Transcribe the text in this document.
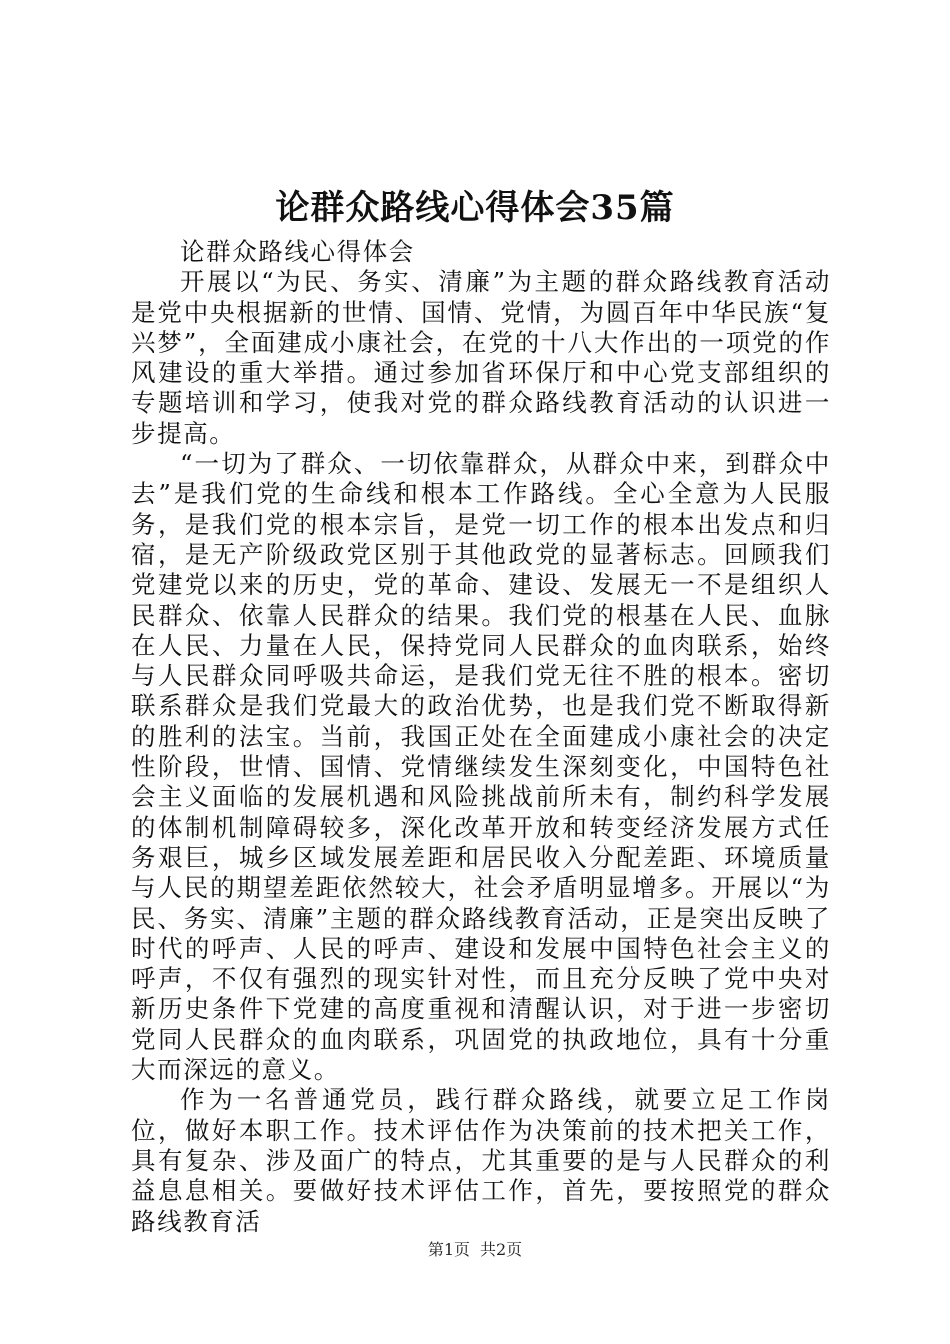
论群众路线心得体会35篇

论群众路线心得体会

开展以“为民、务实、清廉”为主题的群众路线教育活动是党中央根据新的世情、国情、党情，为圆百年中华民族“复兴梦”，全面建成小康社会，在党的十八大作出的一项党的作风建设的重大举措。通过参加省环保厅和中心党支部组织的专题培训和学习，使我对党的群众路线教育活动的认识进一步提高。

“一切为了群众、一切依靠群众，从群众中来，到群众中去”是我们党的生命线和根本工作路线。全心全意为人民服务，是我们党的根本宗旨，是党一切工作的根本出发点和归宿，是无产阶级政党区别于其他政党的显著标志。回顾我们党建党以来的历史，党的革命、建设、发展无一不是组织人民群众、依靠人民群众的结果。我们党的根基在人民、血脉在人民、力量在人民，保持党同人民群众的血肉联系，始终与人民群众同呼吸共命运，是我们党无往不胜的根本。密切联系群众是我们党最大的政治优势，也是我们党不断取得新的胜利的法宝。当前，我国正处在全面建成小康社会的决定性阶段，世情、国情、党情继续发生深刻变化，中国特色社会主义面临的发展机遇和风险挑战前所未有，制约科学发展的体制机制障碍较多，深化改革开放和转变经济发展方式任务艰巨，城乡区域发展差距和居民收入分配差距、环境质量与人民的期望差距依然较大，社会矛盾明显增多。开展以“为民、务实、清廉”主题的群众路线教育活动，正是突出反映了时代的呼声、人民的呼声、建设和发展中国特色社会主义的呼声，不仅有强烈的现实针对性，而且充分反映了党中央对新历史条件下党建的高度重视和清醒认识，对于进一步密切党同人民群众的血肉联系，巩固党的执政地位，具有十分重大而深远的意义。

作为一名普通党员，践行群众路线，就要立足工作岗位，做好本职工作。技术评估作为决策前的技术把关工作，具有复杂、涉及面广的特点，尤其重要的是与人民群众的利益息息相关。要做好技术评估工作，首先，要按照党的群众路线教育活

第1页 共2页
